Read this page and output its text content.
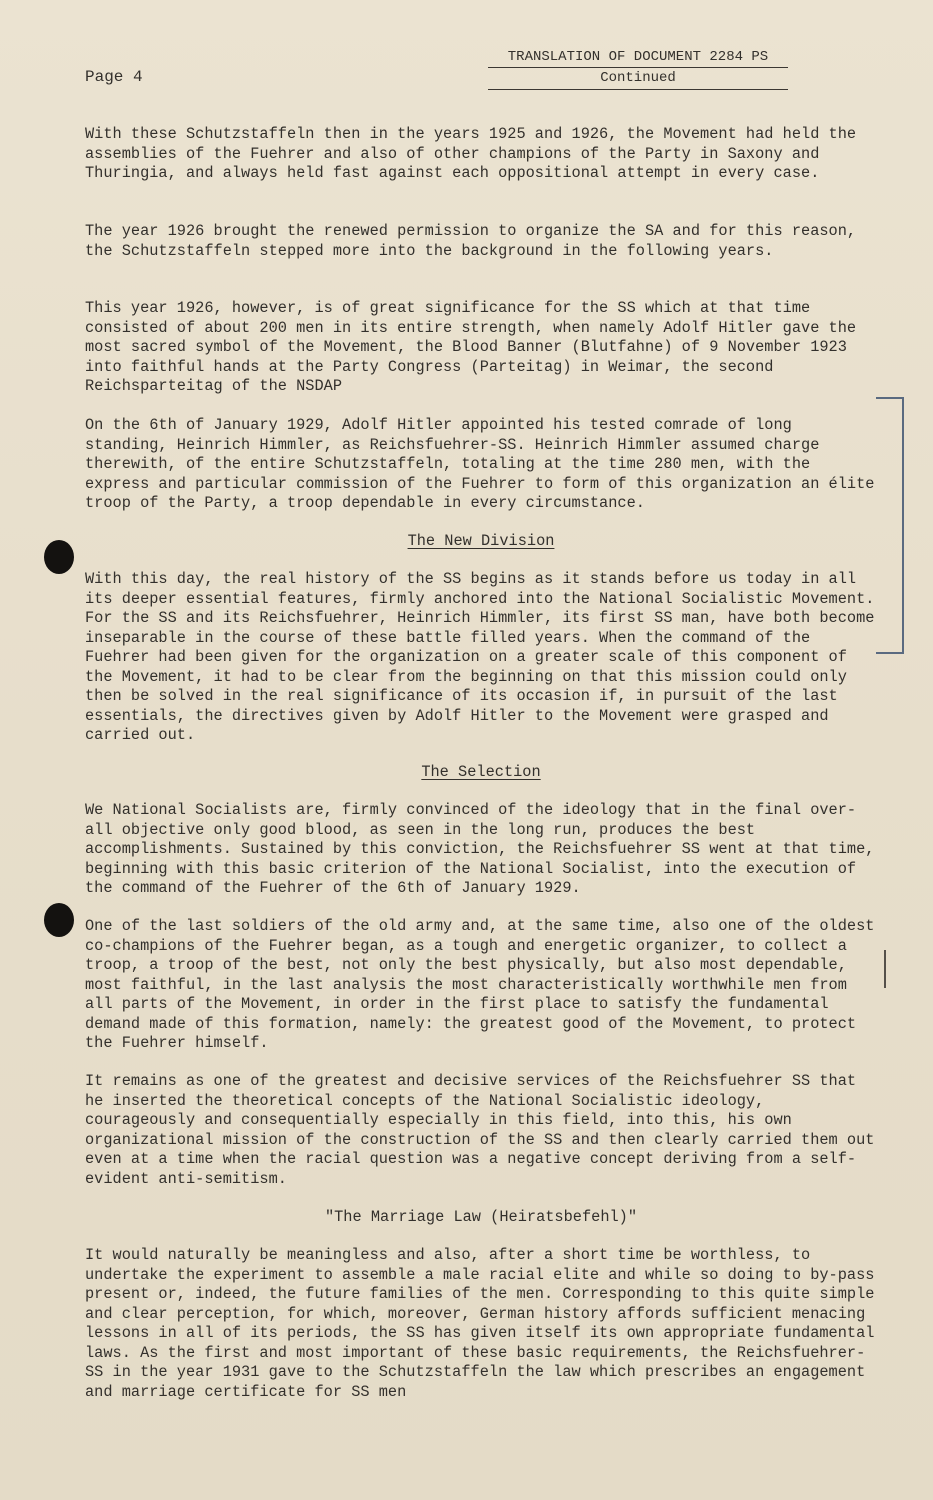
Page 4
TRANSLATION OF DOCUMENT 2284 PS
Continued

With these Schutzstaffeln then in the years 1925 and 1926, the Movement had held the assemblies of the Fuehrer and also of other champions of the Party in Saxony and Thuringia, and always held fast against each oppositional attempt in every case.

The year 1926 brought the renewed permission to organize the SA and for this reason, the Schutzstaffeln stepped more into the background in the following years.

This year 1926, however, is of great significance for the SS which at that time consisted of about 200 men in its entire strength, when namely Adolf Hitler gave the most sacred symbol of the Movement, the Blood Banner (Blutfahne) of 9 November 1923 into faithful hands at the Party Congress (Parteitag) in Weimar, the second Reichsparteitag of the NSDAP

On the 6th of January 1929, Adolf Hitler appointed his tested comrade of long standing, Heinrich Himmler, as Reichsfuehrer-SS. Heinrich Himmler assumed charge therewith, of the entire Schutzstaffeln, totaling at the time 280 men, with the express and particular commission of the Fuehrer to form of this organization an élite troop of the Party, a troop dependable in every circumstance.

The New Division

With this day, the real history of the SS begins as it stands before us today in all its deeper essential features, firmly anchored into the National Socialistic Movement. For the SS and its Reichsfuehrer, Heinrich Himmler, its first SS man, have both become inseparable in the course of these battle filled years. When the command of the Fuehrer had been given for the organization on a greater scale of this component of the Movement, it had to be clear from the beginning on that this mission could only then be solved in the real significance of its occasion if, in pursuit of the last essentials, the directives given by Adolf Hitler to the Movement were grasped and carried out.

The Selection

We National Socialists are, firmly convinced of the ideology that in the final over-all objective only good blood, as seen in the long run, produces the best accomplishments. Sustained by this conviction, the Reichsfuehrer SS went at that time, beginning with this basic criterion of the National Socialist, into the execution of the command of the Fuehrer of the 6th of January 1929.

One of the last soldiers of the old army and, at the same time, also one of the oldest co-champions of the Fuehrer began, as a tough and energetic organizer, to collect a troop, a troop of the best, not only the best physically, but also most dependable, most faithful, in the last analysis the most characteristically worthwhile men from all parts of the Movement, in order in the first place to satisfy the fundamental demand made of this formation, namely: the greatest good of the Movement, to protect the Fuehrer himself.

It remains as one of the greatest and decisive services of the Reichsfuehrer SS that he inserted the theoretical concepts of the National Socialistic ideology, courageously and consequentially especially in this field, into this, his own organizational mission of the construction of the SS and then clearly carried them out even at a time when the racial question was a negative concept deriving from a self-evident anti-semitism.

"The Marriage Law (Heiratsbefehl)"

It would naturally be meaningless and also, after a short time be worthless, to undertake the experiment to assemble a male racial elite and while so doing to by-pass present or, indeed, the future families of the men. Corresponding to this quite simple and clear perception, for which, moreover, German history affords sufficient menacing lessons in all of its periods, the SS has given itself its own appropriate fundamental laws. As the first and most important of these basic requirements, the Reichsfuehrer-SS in the year 1931 gave to the Schutzstaffeln the law which prescribes an engagement and marriage certificate for SS men
